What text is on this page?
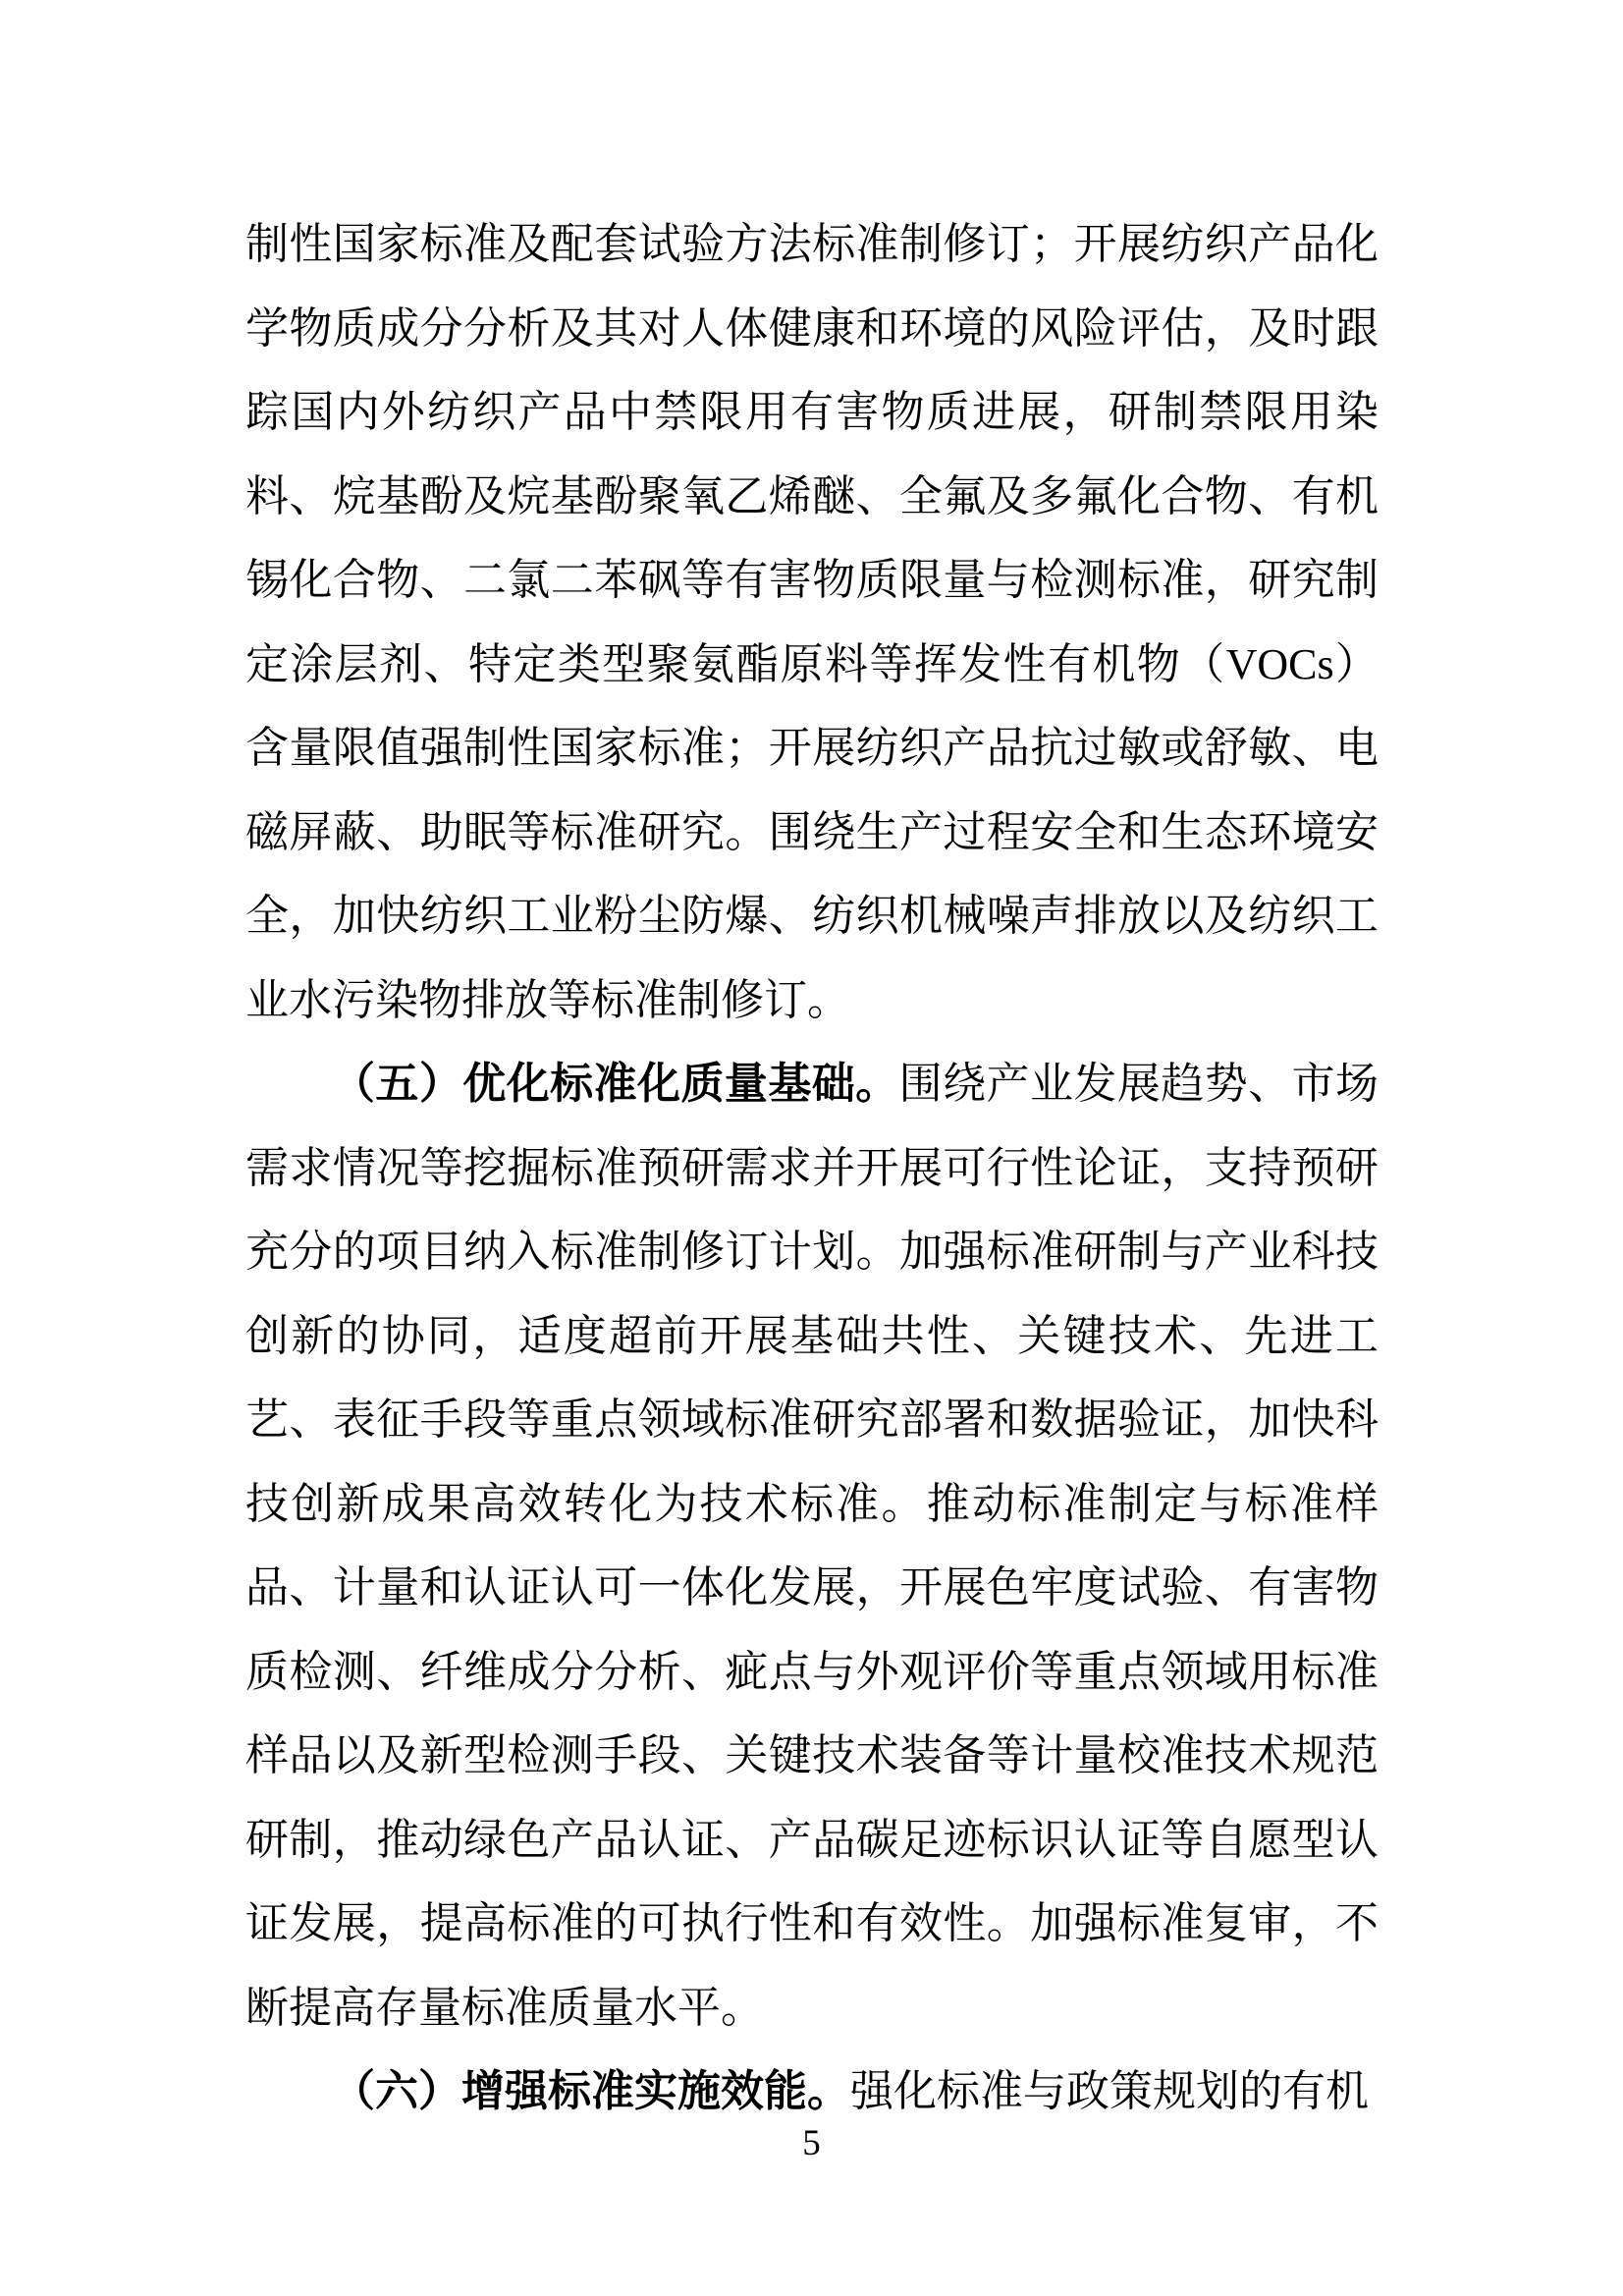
制性国家标准及配套试验方法标准制修订；开展纺织产品化学物质成分分析及其对人体健康和环境的风险评估，及时跟踪国内外纺织产品中禁限用有害物质进展，研制禁限用染料、烷基酚及烷基酚聚氧乙烯醚、全氟及多氟化合物、有机锡化合物、二氯二苯砜等有害物质限量与检测标准，研究制定涂层剂、特定类型聚氨酯原料等挥发性有机物（VOCs）含量限值强制性国家标准；开展纺织产品抗过敏或舒敏、电磁屏蔽、助眠等标准研究。围绕生产过程安全和生态环境安全，加快纺织工业粉尘防爆、纺织机械噪声排放以及纺织工业水污染物排放等标准制修订。

（五）优化标准化质量基础。围绕产业发展趋势、市场需求情况等挖掘标准预研需求并开展可行性论证，支持预研充分的项目纳入标准制修订计划。加强标准研制与产业科技创新的协同，适度超前开展基础共性、关键技术、先进工艺、表征手段等重点领域标准研究部署和数据验证，加快科技创新成果高效转化为技术标准。推动标准制定与标准样品、计量和认证认可一体化发展，开展色牢度试验、有害物质检测、纤维成分分析、疵点与外观评价等重点领域用标准样品以及新型检测手段、关键技术装备等计量校准技术规范研制，推动绿色产品认证、产品碳足迹标识认证等自愿型认证发展，提高标准的可执行性和有效性。加强标准复审，不断提高存量标准质量水平。

（六）增强标准实施效能。强化标准与政策规划的有机

5
